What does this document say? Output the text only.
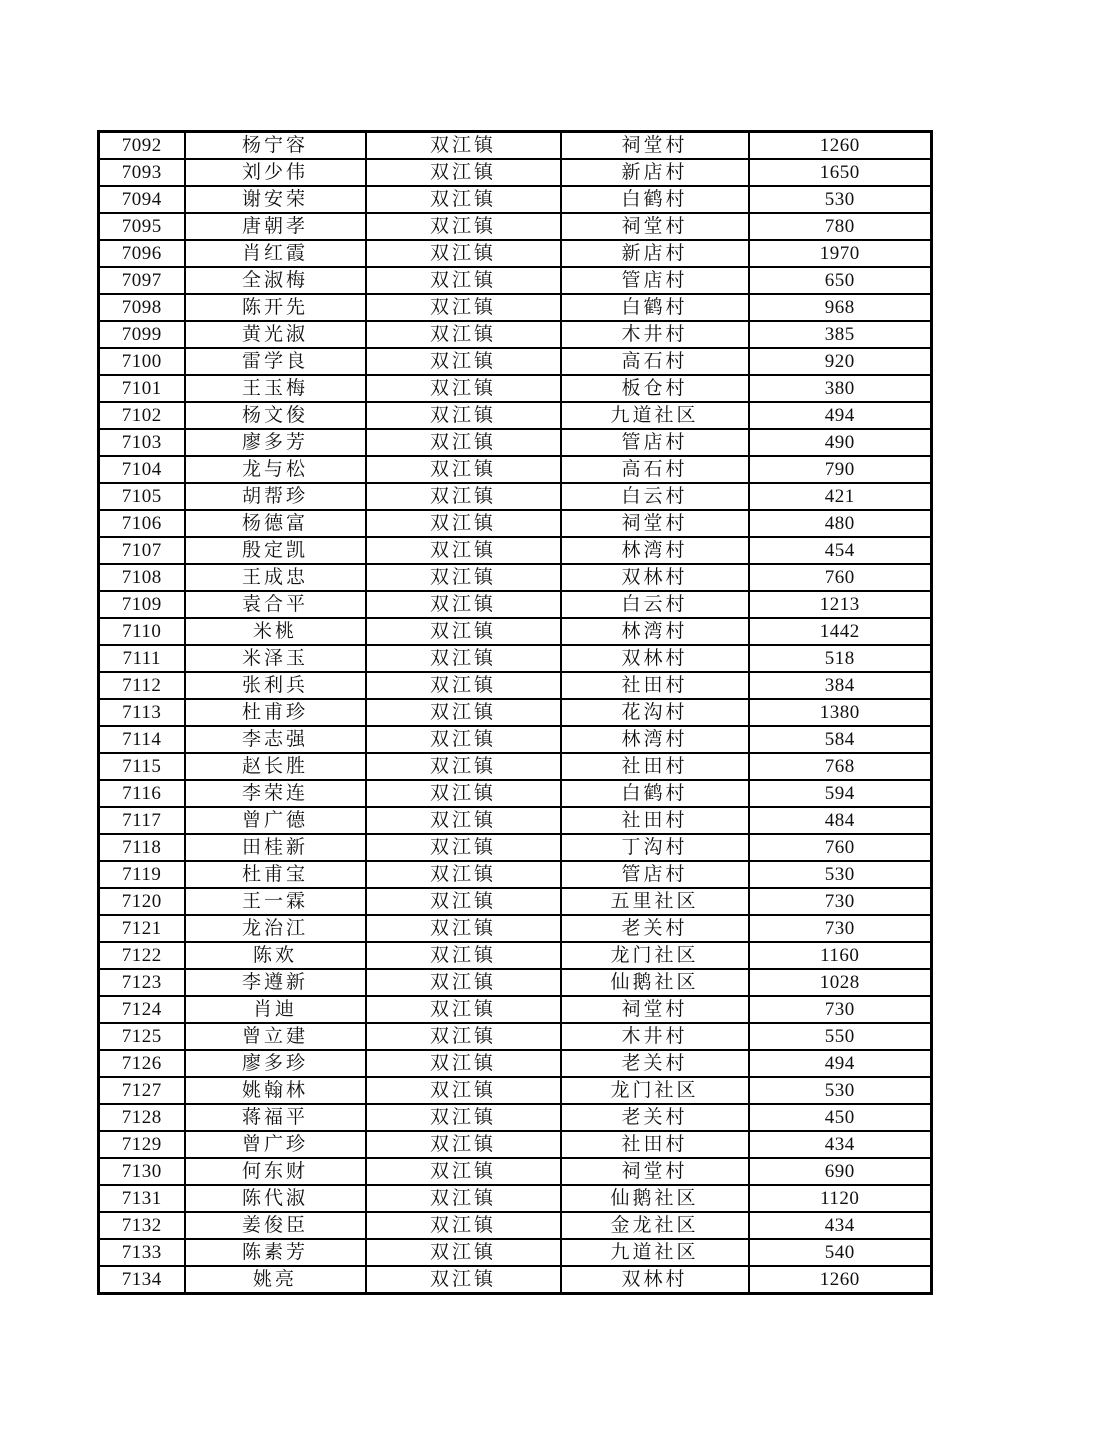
7092	杨宁容	双江镇	祠堂村	1260
7093	刘少伟	双江镇	新店村	1650
7094	谢安荣	双江镇	白鹤村	530
7095	唐朝孝	双江镇	祠堂村	780
7096	肖红霞	双江镇	新店村	1970
7097	全淑梅	双江镇	管店村	650
7098	陈开先	双江镇	白鹤村	968
7099	黄光淑	双江镇	木井村	385
7100	雷学良	双江镇	高石村	920
7101	王玉梅	双江镇	板仓村	380
7102	杨文俊	双江镇	九道社区	494
7103	廖多芳	双江镇	管店村	490
7104	龙与松	双江镇	高石村	790
7105	胡帮珍	双江镇	白云村	421
7106	杨德富	双江镇	祠堂村	480
7107	殷定凯	双江镇	林湾村	454
7108	王成忠	双江镇	双林村	760
7109	袁合平	双江镇	白云村	1213
7110	米桃	双江镇	林湾村	1442
7111	米泽玉	双江镇	双林村	518
7112	张利兵	双江镇	社田村	384
7113	杜甫珍	双江镇	花沟村	1380
7114	李志强	双江镇	林湾村	584
7115	赵长胜	双江镇	社田村	768
7116	李荣连	双江镇	白鹤村	594
7117	曾广德	双江镇	社田村	484
7118	田桂新	双江镇	丁沟村	760
7119	杜甫宝	双江镇	管店村	530
7120	王一霖	双江镇	五里社区	730
7121	龙治江	双江镇	老关村	730
7122	陈欢	双江镇	龙门社区	1160
7123	李遵新	双江镇	仙鹅社区	1028
7124	肖迪	双江镇	祠堂村	730
7125	曾立建	双江镇	木井村	550
7126	廖多珍	双江镇	老关村	494
7127	姚翰林	双江镇	龙门社区	530
7128	蒋福平	双江镇	老关村	450
7129	曾广珍	双江镇	社田村	434
7130	何东财	双江镇	祠堂村	690
7131	陈代淑	双江镇	仙鹅社区	1120
7132	姜俊臣	双江镇	金龙社区	434
7133	陈素芳	双江镇	九道社区	540
7134	姚亮	双江镇	双林村	1260
